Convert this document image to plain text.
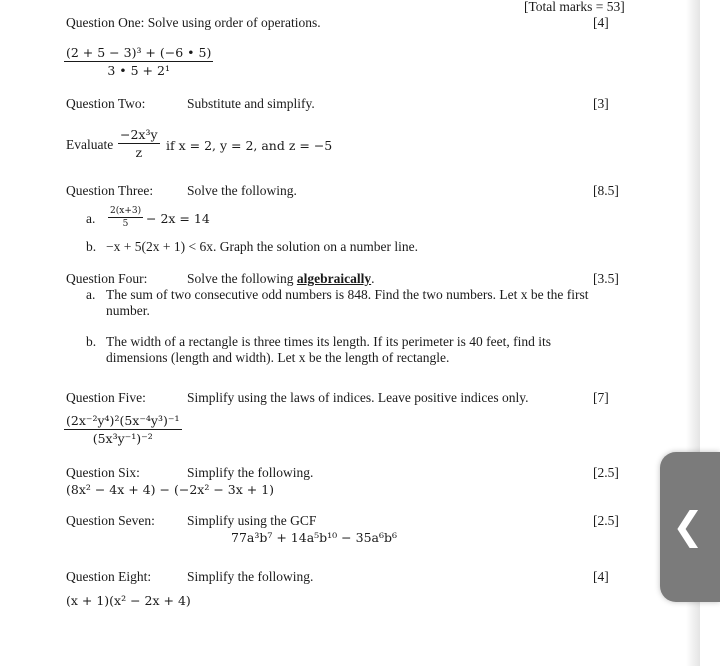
[Total marks = 53]
Question One: Solve using order of operations.	[4]
$\frac{\text{(2 + 5 − 3)³ + (−6 • 5)}}{\text{3 • 5 + 2¹}}$
Question Two:	Substitute and simplify.	[3]
Evaluate $\frac{\text{−2x³y}}{z}$ if x = 2, y = 2, and z = −5
Question Three:	Solve the following.	[8.5]
a. $\frac{2(x+3)}{5} - 2x = 14$
b. −x + 5(2x + 1) < 6x. Graph the solution on a number line.
Question Four:	Solve the following algebraically.	[3.5]
a. The sum of two consecutive odd numbers is 848. Find the two numbers. Let x be the first
number.
b. The width of a rectangle is three times its length. If its perimeter is 40 feet, find its
dimensions (length and width). Let x be the length of rectangle.
Question Five:	Simplify using the laws of indices. Leave positive indices only.	[7]
$\frac{\text{(2x⁻²y⁴)²(5x⁻⁴y³)⁻¹}}{\text{(5x³y⁻¹)⁻²}}$
Question Six:	Simplify the following.	[2.5]
(8x² − 4x + 4) − (−2x² − 3x + 1)
Question Seven: Simplify using the GCF	[2.5]
77a³b⁷ + 14a⁵b¹⁰ − 35a⁶b⁶
Question Eight:	Simplify the following.	[4]
(x + 1)(x² − 2x + 4)
❮
